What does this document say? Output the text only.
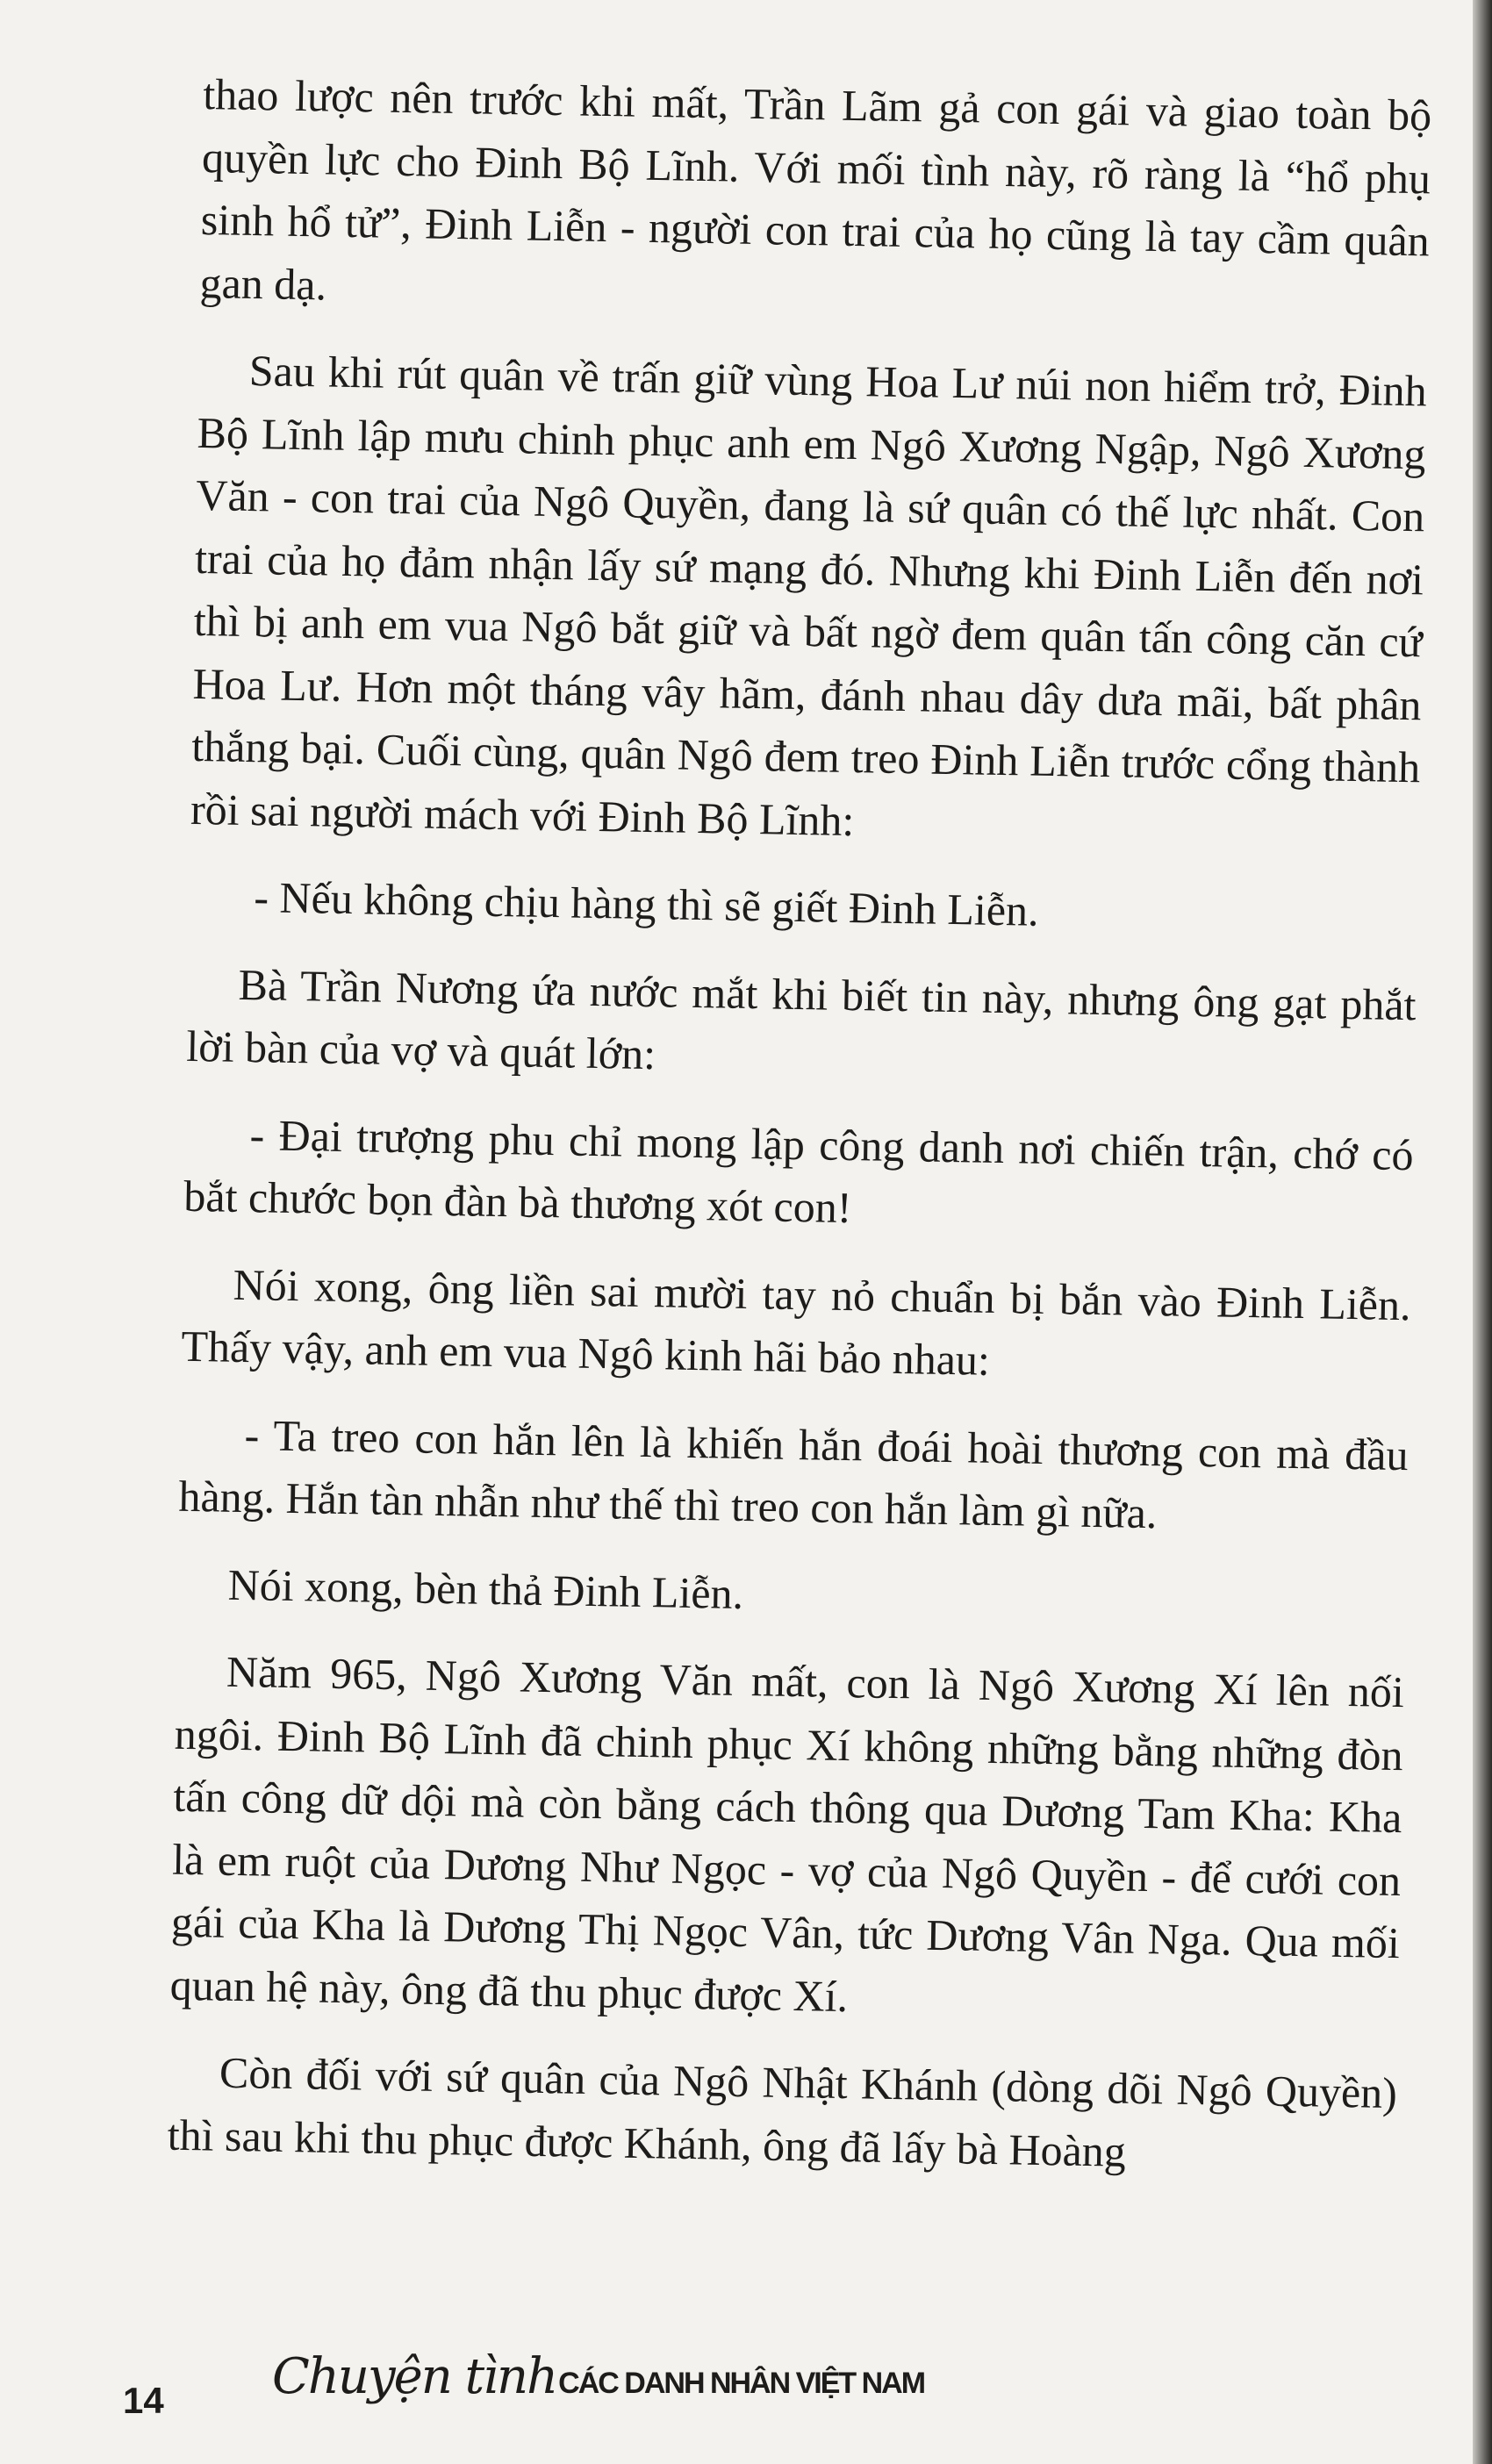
thao lược nên trước khi mất, Trần Lãm gả con gái và giao toàn bộ quyền lực cho Đinh Bộ Lĩnh. Với mối tình này, rõ ràng là “hổ phụ sinh hổ tử”, Đinh Liễn - người con trai của họ cũng là tay cầm quân gan dạ.

Sau khi rút quân về trấn giữ vùng Hoa Lư núi non hiểm trở, Đinh Bộ Lĩnh lập mưu chinh phục anh em Ngô Xương Ngập, Ngô Xương Văn - con trai của Ngô Quyền, đang là sứ quân có thế lực nhất. Con trai của họ đảm nhận lấy sứ mạng đó. Nhưng khi Đinh Liễn đến nơi thì bị anh em vua Ngô bắt giữ và bất ngờ đem quân tấn công căn cứ Hoa Lư. Hơn một tháng vây hãm, đánh nhau dây dưa mãi, bất phân thắng bại. Cuối cùng, quân Ngô đem treo Đinh Liễn trước cổng thành rồi sai người mách với Đinh Bộ Lĩnh:

- Nếu không chịu hàng thì sẽ giết Đinh Liễn.

Bà Trần Nương ứa nước mắt khi biết tin này, nhưng ông gạt phắt lời bàn của vợ và quát lớn:

- Đại trượng phu chỉ mong lập công danh nơi chiến trận, chớ có bắt chước bọn đàn bà thương xót con!

Nói xong, ông liền sai mười tay nỏ chuẩn bị bắn vào Đinh Liễn. Thấy vậy, anh em vua Ngô kinh hãi bảo nhau:

- Ta treo con hắn lên là khiến hắn đoái hoài thương con mà đầu hàng. Hắn tàn nhẫn như thế thì treo con hắn làm gì nữa.

Nói xong, bèn thả Đinh Liễn.

Năm 965, Ngô Xương Văn mất, con là Ngô Xương Xí lên nối ngôi. Đinh Bộ Lĩnh đã chinh phục Xí không những bằng những đòn tấn công dữ dội mà còn bằng cách thông qua Dương Tam Kha: Kha là em ruột của Dương Như Ngọc - vợ của Ngô Quyền - để cưới con gái của Kha là Dương Thị Ngọc Vân, tức Dương Vân Nga. Qua mối quan hệ này, ông đã thu phục được Xí.

Còn đối với sứ quân của Ngô Nhật Khánh (dòng dõi Ngô Quyền) thì sau khi thu phục được Khánh, ông đã lấy bà Hoàng

14 Chuyện tìnhCÁC DANH NHÂN VIỆT NAM
